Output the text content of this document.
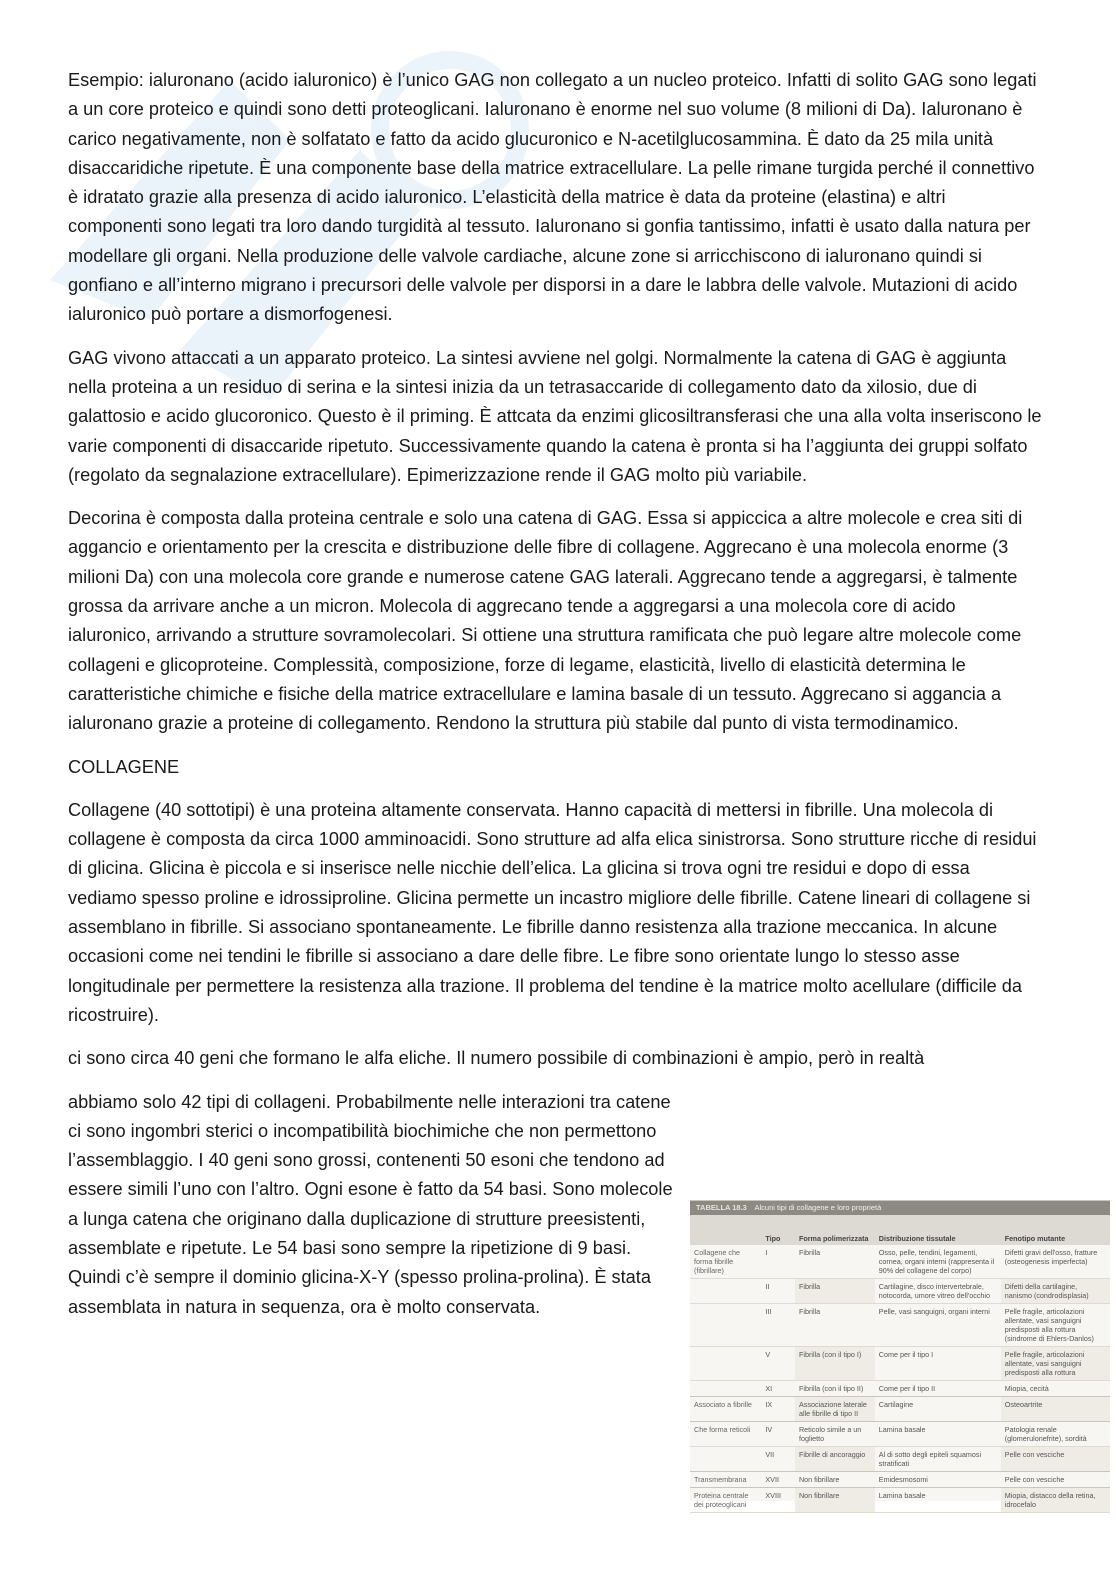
Esempio: ialuronano (acido ialuronico) è l’unico GAG non collegato a un nucleo proteico. Infatti di solito GAG sono legati a un core proteico e quindi sono detti proteoglicani. Ialuronano è enorme nel suo volume (8 milioni di Da). Ialuronano è carico negativamente, non è solfatato e fatto da acido glucuronico e N-acetilglucosammina. È dato da 25 mila unità disaccaridiche ripetute. È una componente base della matrice extracellulare. La pelle rimane turgida perché il connettivo è idratato grazie alla presenza di acido ialuronico. L’elasticità della matrice è data da proteine (elastina) e altri componenti sono legati tra loro dando turgidità al tessuto. Ialuronano si gonfia tantissimo, infatti è usato dalla natura per modellare gli organi. Nella produzione delle valvole cardiache, alcune zone si arricchiscono di ialuronano quindi si gonfiano e all’interno migrano i precursori delle valvole per disporsi in a dare le labbra delle valvole. Mutazioni di acido ialuronico può portare a dismorfogenesi.

GAG vivono attaccati a un apparato proteico. La sintesi avviene nel golgi. Normalmente la catena di GAG è aggiunta nella proteina a un residuo di serina e la sintesi inizia da un tetrasaccaride di collegamento dato da xilosio, due di galattosio e acido glucoronico. Questo è il priming. È attcata da enzimi glicosiltransferasi che una alla volta inseriscono le varie componenti di disaccaride ripetuto. Successivamente quando la catena è pronta si ha l’aggiunta dei gruppi solfato (regolato da segnalazione extracellulare). Epimerizzazione rende il GAG molto più variabile.

Decorina è composta dalla proteina centrale e solo una catena di GAG. Essa si appiccica a altre molecole e crea siti di aggancio e orientamento per la crescita e distribuzione delle fibre di collagene. Aggrecano è una molecola enorme (3 milioni Da) con una molecola core grande e numerose catene GAG laterali. Aggrecano tende a aggregarsi, è talmente grossa da arrivare anche a un micron. Molecola di aggrecano tende a aggregarsi a una molecola core di acido ialuronico, arrivando a strutture sovramolecolari. Si ottiene una struttura ramificata che può legare altre molecole come collageni e glicoproteine. Complessità, composizione, forze di legame, elasticità, livello di elasticità determina le caratteristiche chimiche e fisiche della matrice extracellulare e lamina basale di un tessuto. Aggrecano si aggancia a ialuronano grazie a proteine di collegamento. Rendono la struttura più stabile dal punto di vista termodinamico.

COLLAGENE

Collagene (40 sottotipi) è una proteina altamente conservata. Hanno capacità di mettersi in fibrille. Una molecola di collagene è composta da circa 1000 amminoacidi. Sono strutture ad alfa elica sinistrorsa. Sono strutture ricche di residui di glicina. Glicina è piccola e si inserisce nelle nicchie dell’elica. La glicina si trova ogni tre residui e dopo di essa vediamo spesso proline e idrossiproline. Glicina permette un incastro migliore delle fibrille. Catene lineari di collagene si assemblano in fibrille. Si associano spontaneamente. Le fibrille danno resistenza alla trazione meccanica. In alcune occasioni come nei tendini le fibrille si associano a dare delle fibre. Le fibre sono orientate lungo lo stesso asse longitudinale per permettere la resistenza alla trazione. Il problema del tendine è la matrice molto acellulare (difficile da ricostruire).

ci sono circa 40 geni che formano le alfa eliche. Il numero possibile di combinazioni è ampio, però in realtà

abbiamo solo 42 tipi di collageni. Probabilmente nelle interazioni tra catene ci sono ingombri sterici o incompatibilità biochimiche che non permettono l’assemblaggio. I 40 geni sono grossi, contenenti 50 esoni che tendono ad essere simili l’uno con l’altro. Ogni esone è fatto da 54 basi. Sono molecole a lunga catena che originano dalla duplicazione di strutture preesistenti, assemblate e ripetute. Le 54 basi sono sempre la ripetizione di 9 basi. Quindi c’è sempre il dominio glicina-X-Y (spesso prolina-prolina). È stata assemblata in natura in sequenza, ora è molto conservata.

TABELLA 18.3 Alcuni tipi di collagene e loro proprietà
	Tipo	Forma polimerizzata	Distribuzione tissutale	Fenotipo mutante
Collagene che forma fibrille (fibrillare)	I	Fibrilla	Osso, pelle, tendini, legamenti, cornea, organi interni (rappresenta il 90% del collagene del corpo)	Difetti gravi dell'osso, fratture (osteogenesis imperfecta)
	II	Fibrilla	Cartilagine, disco intervertebrale, notocorda, umore vitreo dell'occhio	Difetti della cartilagine, nanismo (condrodisplasia)
	III	Fibrilla	Pelle, vasi sanguigni, organi interni	Pelle fragile, articolazioni allentate, vasi sanguigni predisposti alla rottura (sindrome di Ehlers-Danlos)
	V	Fibrilla (con il tipo I)	Come per il tipo I	Pelle fragile, articolazioni allentate, vasi sanguigni predisposti alla rottura
	XI	Fibrilla (con il tipo II)	Come per il tipo II	Miopia, cecità
Associato a fibrille	IX	Associazione laterale alle fibrille di tipo II	Cartilagine	Osteoartrite
Che forma reticoli	IV	Reticolo simile a un foglietto	Lamina basale	Patologia renale (glomerulonefrite), sordità
	VII	Fibrille di ancoraggio	Al di sotto degli epiteli squamosi stratificati	Pelle con vesciche
Transmembrana	XVII	Non fibrillare	Emidesmosomi	Pelle con vesciche
Proteina centrale dei proteoglicani	XVIII	Non fibrillare	Lamina basale	Miopia, distacco della retina, idrocefalo
